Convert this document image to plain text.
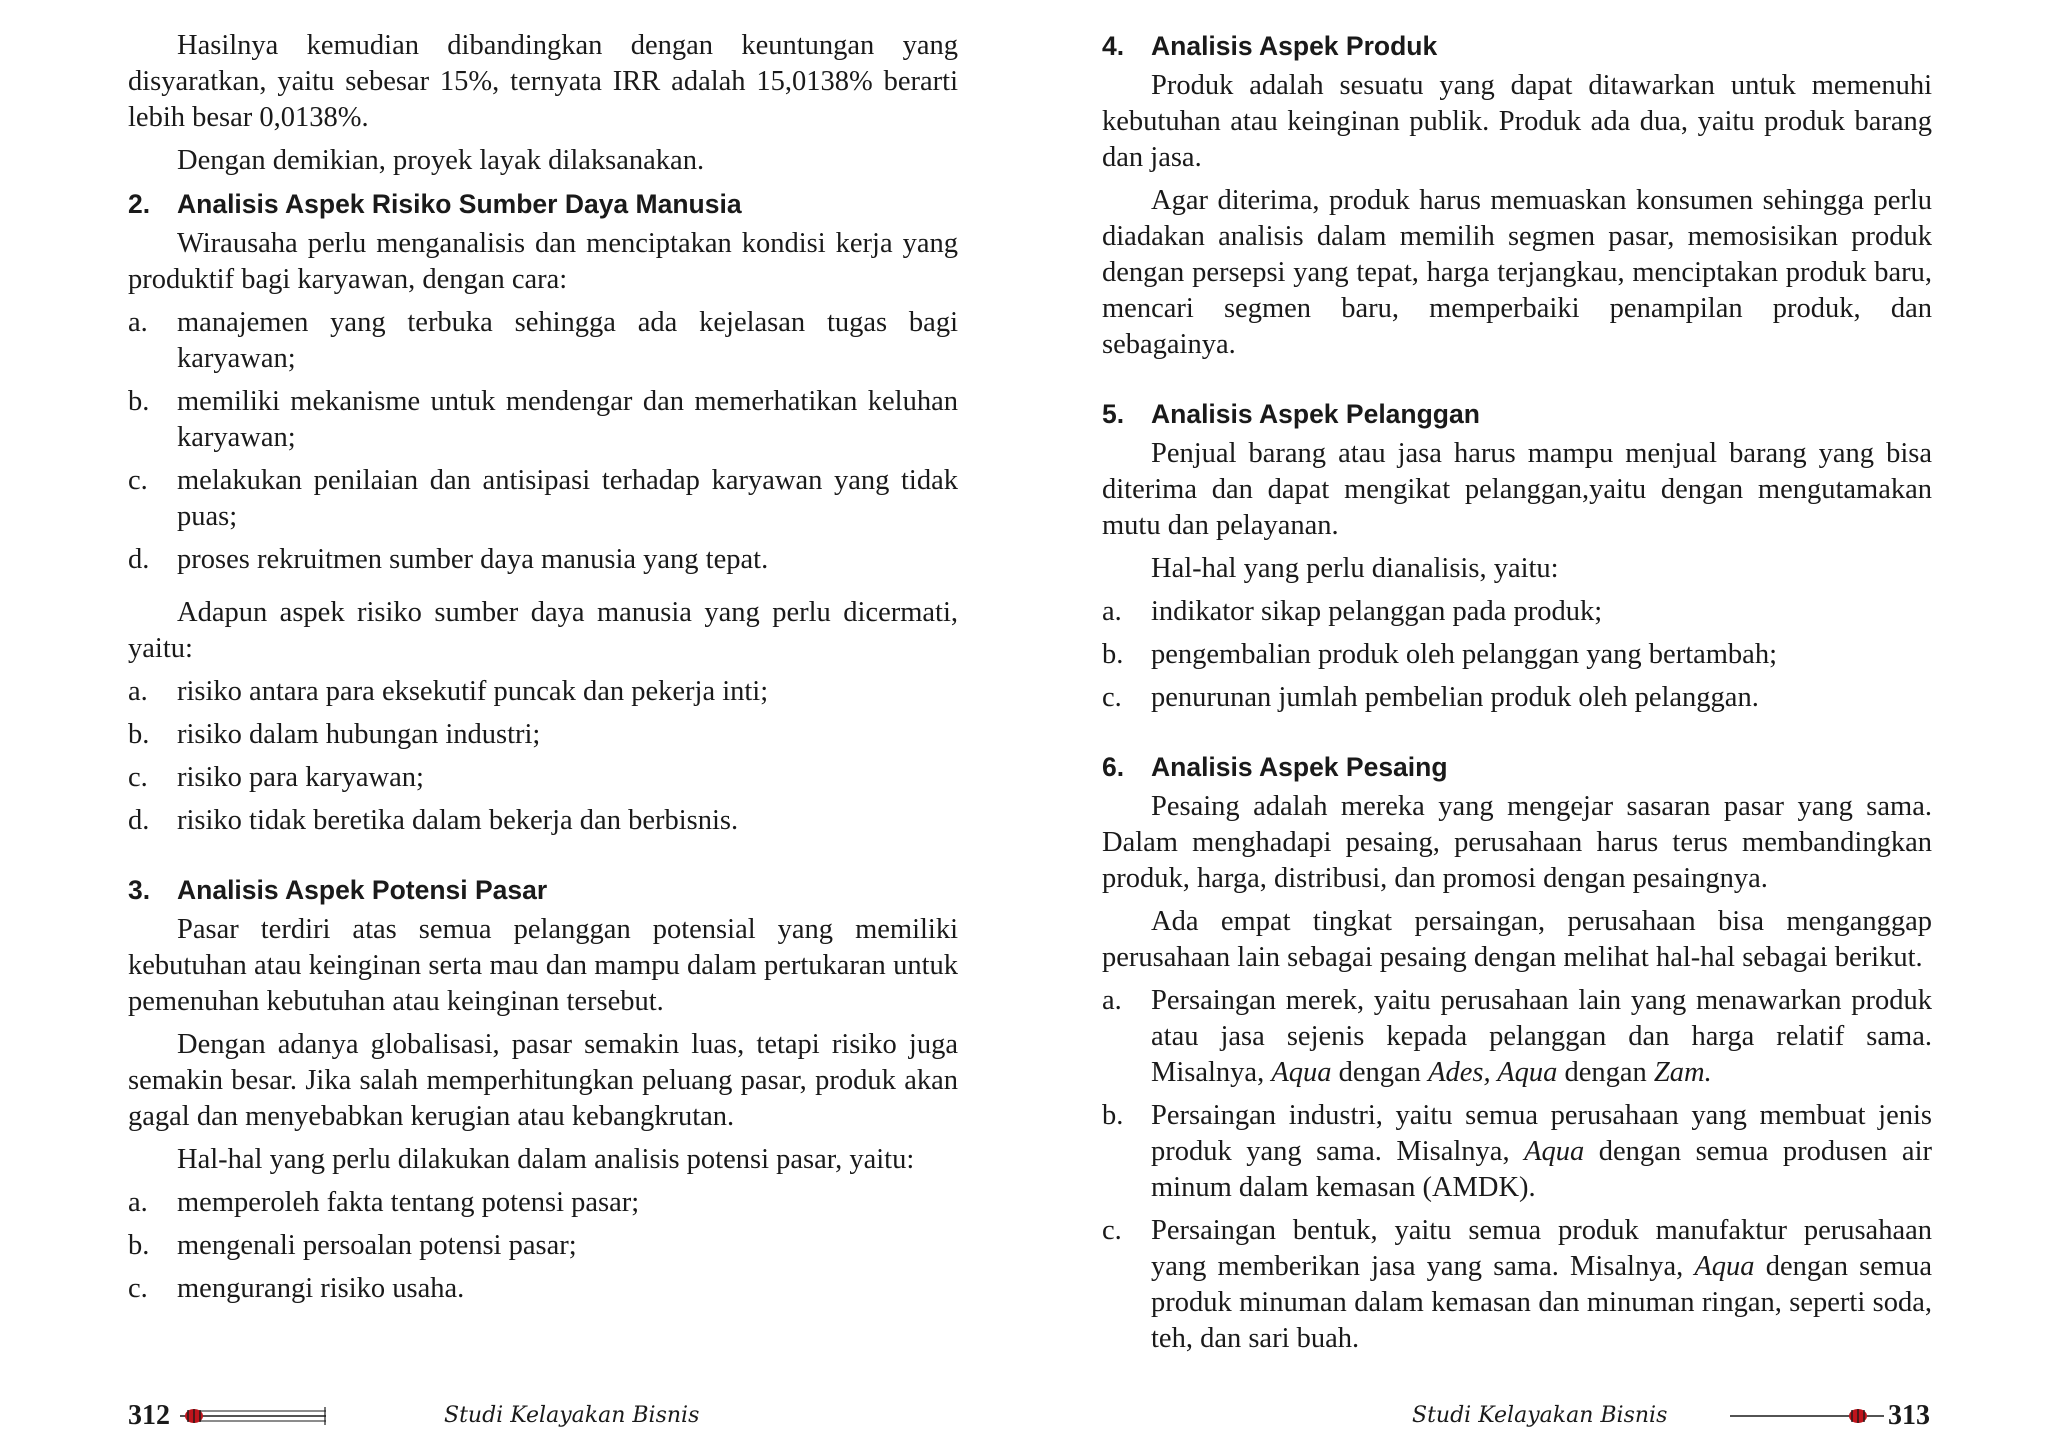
Hasilnya kemudian dibandingkan dengan keuntungan yang disyaratkan, yaitu sebesar 15%, ternyata IRR adalah 15,0138% berarti lebih besar 0,0138%.

Dengan demikian, proyek layak dilaksanakan.

2.	Analisis Aspek Risiko Sumber Daya Manusia

Wirausaha perlu menganalisis dan menciptakan kondisi kerja yang produktif bagi karyawan, dengan cara:

a.	manajemen yang terbuka sehingga ada kejelasan tugas bagi karyawan;
b. memiliki mekanisme untuk mendengar dan memerhatikan keluhan karyawan;
c.	melakukan penilaian dan antisipasi terhadap karyawan yang tidak puas;
d. proses rekruitmen sumber daya manusia yang tepat.

Adapun aspek risiko sumber daya manusia yang perlu dicermati, yaitu:

a.	risiko antara para eksekutif puncak dan pekerja inti;
b. risiko dalam hubungan industri;
c.	risiko para karyawan;
d. risiko tidak beretika dalam bekerja dan berbisnis.
3.	Analisis Aspek Potensi Pasar

Pasar terdiri atas semua pelanggan potensial yang memiliki kebutuhan atau keinginan serta mau dan mampu dalam pertukaran untuk pemenuhan kebutuhan atau keinginan tersebut.

Dengan adanya globalisasi, pasar semakin luas, tetapi risiko juga semakin besar. Jika salah memperhitungkan peluang pasar, produk akan gagal dan menyebabkan kerugian atau kebangkrutan.

Hal-hal yang perlu dilakukan dalam analisis potensi pasar, yaitu:

a.	memperoleh fakta tentang potensi pasar;
b. mengenali persoalan potensi pasar;
c.	mengurangi risiko usaha.
312	Studi Kelayakan Bisnis
4.	Analisis Aspek Produk

Produk adalah sesuatu yang dapat ditawarkan untuk memenuhi kebutuhan atau keinginan publik. Produk ada dua, yaitu produk barang dan jasa.

Agar diterima, produk harus memuaskan konsumen sehingga perlu diadakan analisis dalam memilih segmen pasar, memosisikan produk dengan persepsi yang tepat, harga terjangkau, menciptakan produk baru, mencari segmen baru, memperbaiki penampilan produk, dan sebagainya.

5.	Analisis Aspek Pelanggan

Penjual barang atau jasa harus mampu menjual barang yang bisa diterima dan dapat mengikat pelanggan,yaitu dengan mengutamakan mutu dan pelayanan.

Hal-hal yang perlu dianalisis, yaitu:

a.	indikator sikap pelanggan pada produk;
b. pengembalian produk oleh pelanggan yang bertambah;
c.	penurunan jumlah pembelian produk oleh pelanggan.
6.	Analisis Aspek Pesaing

Pesaing adalah mereka yang mengejar sasaran pasar yang sama. Dalam menghadapi pesaing, perusahaan harus terus membandingkan produk, harga, distribusi, dan promosi dengan pesaingnya.

Ada empat tingkat persaingan, perusahaan bisa menganggap perusahaan lain sebagai pesaing dengan melihat hal-hal sebagai berikut.

a.	Persaingan merek, yaitu perusahaan lain yang menawarkan produk atau jasa sejenis kepada pelanggan dan harga relatif sama. Misalnya, Aqua dengan Ades, Aqua dengan Zam.
b. Persaingan industri, yaitu semua perusahaan yang membuat jenis produk yang sama. Misalnya, Aqua dengan semua produsen air minum dalam kemasan (AMDK).
c.	Persaingan bentuk, yaitu semua produk manufaktur perusahaan yang memberikan jasa yang sama. Misalnya, Aqua dengan semua produk minuman dalam kemasan dan minuman ringan, seperti soda, teh, dan sari buah.
Studi Kelayakan Bisnis	313
